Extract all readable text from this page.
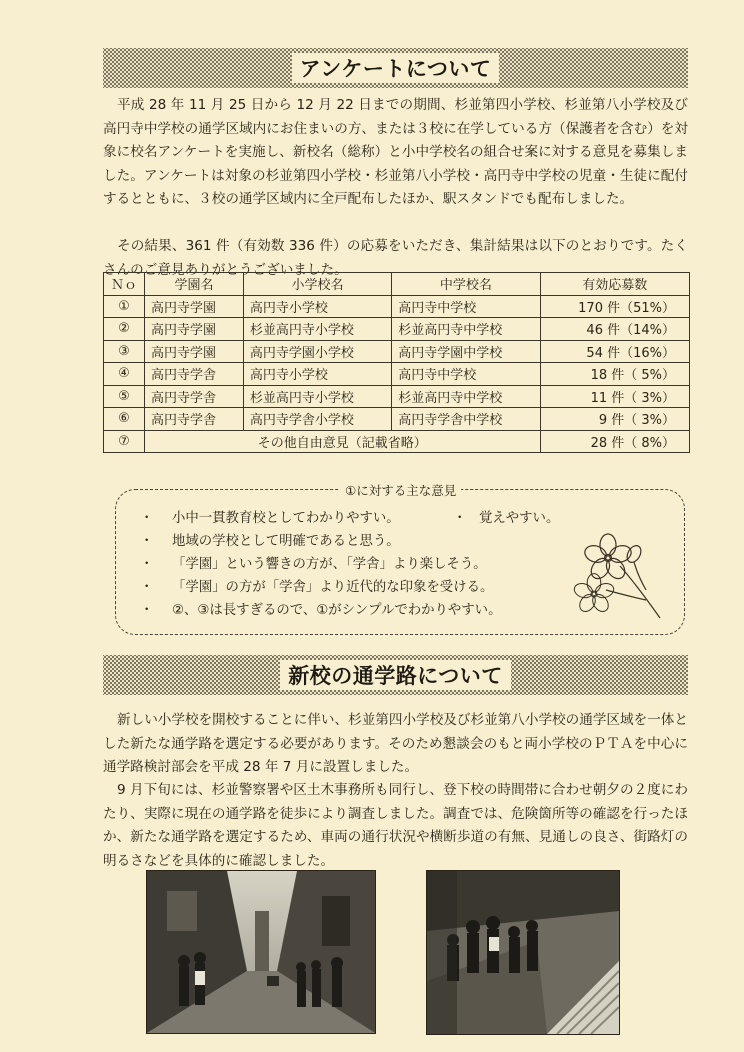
アンケートについて

平成 28 年 11 月 25 日から 12 月 22 日までの期間、杉並第四小学校、杉並第八小学校及び高円寺中学校の通学区域内にお住まいの方、または３校に在学している方（保護者を含む）を対象に校名アンケートを実施し、新校名（総称）と小中学校名の組合せ案に対する意見を募集しました。アンケートは対象の杉並第四小学校・杉並第八小学校・高円寺中学校の児童・生徒に配付するとともに、３校の通学区域内に全戸配布したほか、駅スタンドでも配布しました。

その結果、361 件（有効数 336 件）の応募をいただき、集計結果は以下のとおりです。たくさんのご意見ありがとうございました。

Ｎｏ	学園名	小学校名	中学校名	有効応募数
①	高円寺学園	高円寺小学校	高円寺中学校	170 件（51%）
②	高円寺学園	杉並高円寺小学校	杉並高円寺中学校	46 件（14%）
③	高円寺学園	高円寺学園小学校	高円寺学園中学校	54 件（16%）
④	高円寺学舎	高円寺小学校	高円寺中学校	18 件（ 5%）
⑤	高円寺学舎	杉並高円寺小学校	杉並高円寺中学校	11 件（ 3%）
⑥	高円寺学舎	高円寺学舎小学校	高円寺学舎中学校	9 件（ 3%）
⑦	その他自由意見（記載省略）			28 件（ 8%）
①に対する主な意見
・	小中一貫教育校としてわかりやすい。
・	地域の学校として明確であると思う。
・	「学園」という響きの方が、「学舎」より楽しそう。
・	「学園」の方が「学舎」より近代的な印象を受ける。
・	②、③は長すぎるので、①がシンプルでわかりやすい。
・ 覚えやすい。
新校の通学路について

新しい小学校を開校することに伴い、杉並第四小学校及び杉並第八小学校の通学区域を一体とした新たな通学路を選定する必要があります。そのため懇談会のもと両小学校のＰＴＡを中心に通学路検討部会を平成 28 年 7 月に設置しました。

9 月下旬には、杉並警察署や区土木事務所も同行し、登下校の時間帯に合わせ朝夕の２度にわたり、実際に現在の通学路を徒歩により調査しました。調査では、危険箇所等の確認を行ったほか、新たな通学路を選定するため、車両の通行状況や横断歩道の有無、見通しの良さ、街路灯の明るさなどを具体的に確認しました。
